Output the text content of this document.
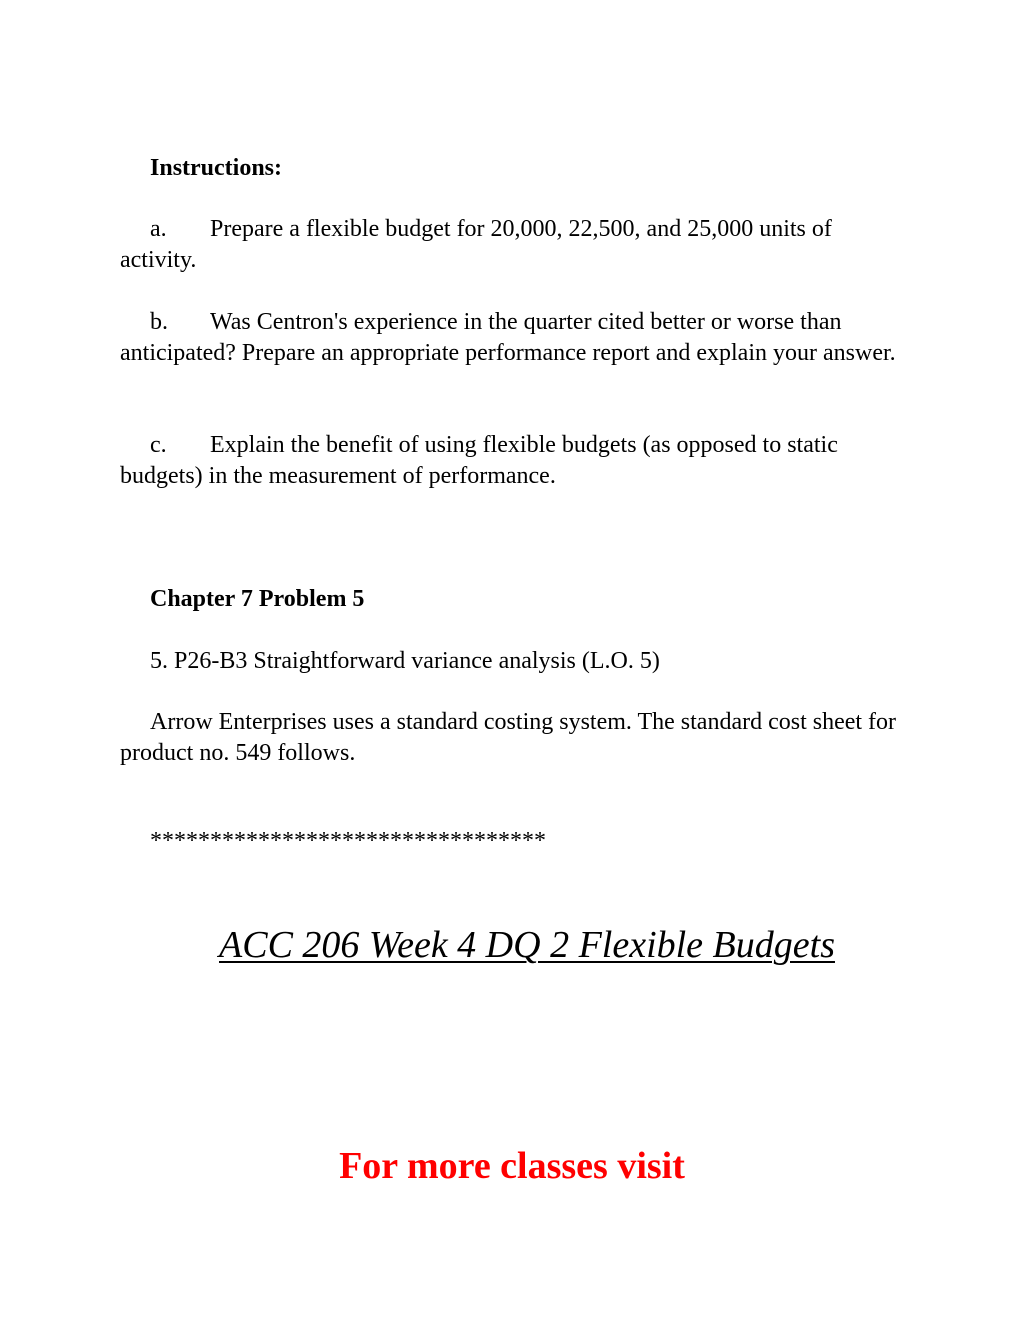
Instructions:

a. Prepare a flexible budget for 20,000, 22,500, and 25,000 units of activity.

b. Was Centron's experience in the quarter cited better or worse than anticipated? Prepare an appropriate performance report and explain your answer.

c. Explain the benefit of using flexible budgets (as opposed to static budgets) in the measurement of performance.

Chapter 7 Problem 5

5. P26-B3 Straightforward variance analysis (L.O. 5)

Arrow Enterprises uses a standard costing system. The standard cost sheet for product no. 549 follows.

*********************************

ACC 206 Week 4 DQ 2 Flexible Budgets

For more classes visit
